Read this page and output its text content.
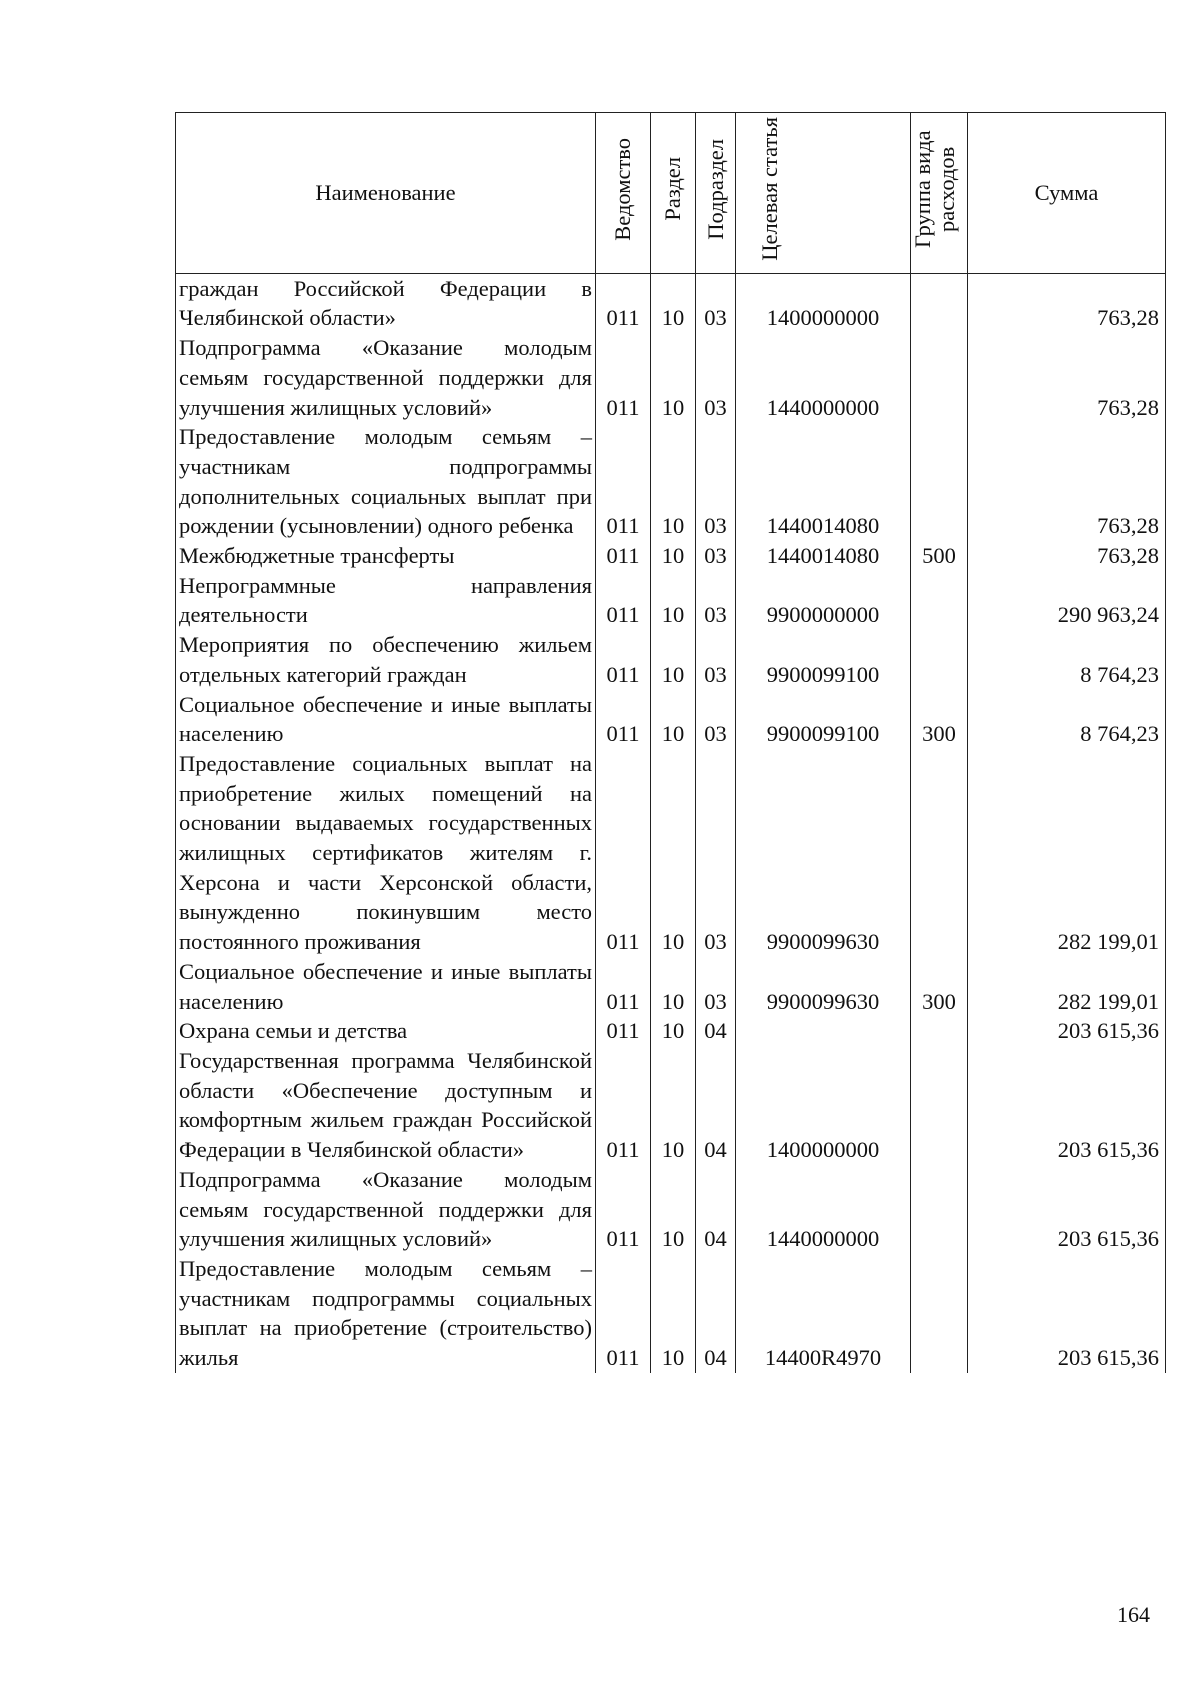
Наименование	Ведомство	Раздел	Подраздел	Целевая статья	Группа вида расходов	Сумма
граждан Российской Федерации в Челябинской области»	011	10	03	1400000000		763,28
Подпрограмма «Оказание молодым семьям государственной поддержки для улучшения жилищных условий»	011	10	03	1440000000		763,28
Предоставление молодым семьям – участникам подпрограммы дополнительных социальных выплат при рождении (усыновлении) одного ребенка	011	10	03	1440014080		763,28
Межбюджетные трансферты	011	10	03	1440014080	500	763,28
Непрограммные направления деятельности	011	10	03	9900000000		290 963,24
Мероприятия по обеспечению жильем отдельных категорий граждан	011	10	03	9900099100		8 764,23
Социальное обеспечение и иные выплаты населению	011	10	03	9900099100	300	8 764,23
Предоставление социальных выплат на приобретение жилых помещений на основании выдаваемых государственных жилищных сертификатов жителям г. Херсона и части Херсонской области, вынужденно покинувшим место постоянного проживания	011	10	03	9900099630		282 199,01
Социальное обеспечение и иные выплаты населению	011	10	03	9900099630	300	282 199,01
Охрана семьи и детства	011	10	04			203 615,36
Государственная программа Челябинской области «Обеспечение доступным и комфортным жильем граждан Российской Федерации в Челябинской области»	011	10	04	1400000000		203 615,36
Подпрограмма «Оказание молодым семьям государственной поддержки для улучшения жилищных условий»	011	10	04	1440000000		203 615,36
Предоставление молодым семьям – участникам подпрограммы социальных выплат на приобретение (строительство) жилья	011	10	04	14400R4970		203 615,36
164
